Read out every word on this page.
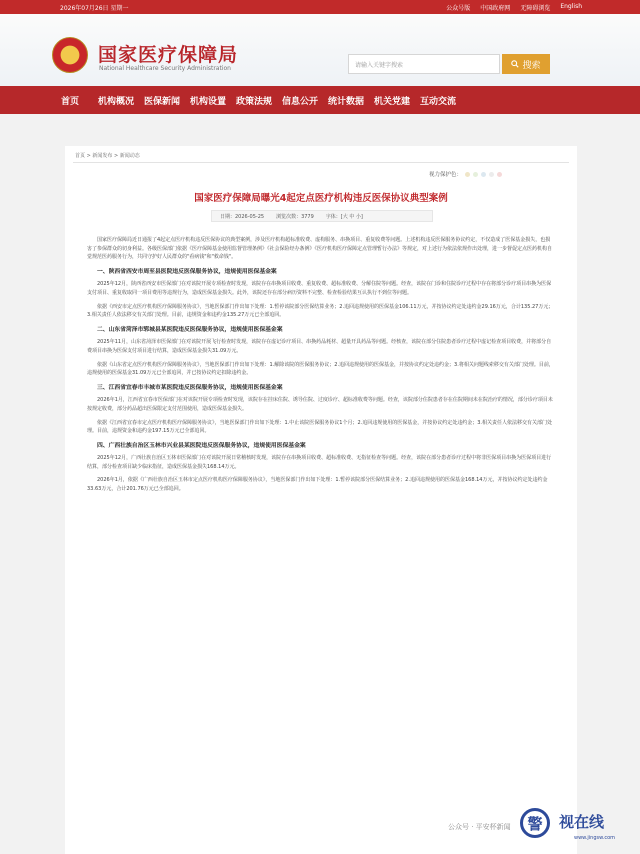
2026年07月26日 星期一	公众号版 中国政府网 无障碍浏览 English
国家医疗保障局
National Healthcare Security Administration	请输入关键字搜索	搜索
首页	机构概况 医保新闻 机构设置 政策法规 信息公开 统计数据 机关党建 互动交流
首页 > 新闻发布 > 新闻动态
视力保护色：
国家医疗保障局曝光4起定点医疗机构违反医保协议典型案例
日期：2026-05-25 浏览次数：3779 字体：[大 中 小]

国家医疗保障局近日通报了4起定点医疗机构违反医保协议的典型案例，涉及医疗机构超标准收费、虚构服务、串换项目、重复收费等问题。上述机构违反医保服务协议约定，不仅造成了医保基金损失，也损害了参保群众的切身利益。各级医保部门依据《医疗保障基金使用监督管理条例》《社会保险经办条例》《医疗机构医疗保障定点管理暂行办法》等规定，对上述行为依法依规作出处理，进一步督促定点医药机构自觉规范医药服务行为，共同守护好人民群众的"看病钱"和"救命钱"。

一、陕西省西安市周至县医院违反医保服务协议，违规使用医保基金案

2025年12月，陕西省西安市医保部门在对该院开展专项检查时发现，该院存在串换项目收费、重复收费、超标准收费、分解住院等问题。经查，该院在门诊和住院诊疗过程中存在将部分诊疗项目串换为医保支付项目、重复收取同一项目费用等违规行为，造成医保基金损失。此外，该院还存在部分病历资料不完整、检查检验结果互认执行不到位等问题。

依据《西安市定点医疗机构医疗保障服务协议》，当地医保部门作出如下处理：1.暂停该院部分医保结算业务；2.追回违规使用的医保基金106.11万元，并按协议约定处违约金29.16万元，合计135.27万元；3.相关责任人依法移交有关部门处理。目前，违规资金和违约金135.27万元已全部追回。

二、山东省菏泽市郓城县某医院违反医保服务协议，违规使用医保基金案

2025年11月，山东省菏泽市医保部门在对该院开展飞行检查时发现，该院存在虚记诊疗项目、串换药品耗材、超量开具药品等问题。经核查，该院在部分住院患者诊疗过程中虚记检查项目收费，并将部分自费项目串换为医保支付项目进行结算，造成医保基金损失31.09万元。

依据《山东省定点医疗机构医疗保障服务协议》，当地医保部门作出如下处理：1.解除该院的医保服务协议；2.追回违规使用的医保基金，并按协议约定处违约金；3.将相关问题线索移交有关部门处理。目前，违规使用的医保基金31.09万元已全部追回，并已按协议约定扣除违约金。

三、江西省宜春市丰城市某医院违反医保服务协议，违规使用医保基金案

2026年1月，江西省宜春市医保部门在对该院开展专项检查时发现，该院存在挂床住院、诱导住院、过度诊疗、超标准收费等问题。经查，该院部分住院患者存在住院期间未在院治疗的情况，部分诊疗项目未按规定收费，部分药品超出医保限定支付范围使用，造成医保基金损失。

依据《江西省宜春市定点医疗机构医疗保障服务协议》，当地医保部门作出如下处理：1.中止该院医保服务协议1个月；2.追回违规使用的医保基金，并按协议约定处违约金；3.相关责任人依法移交有关部门处理。目前，违规资金和违约金197.15万元已全部追回。

四、广西壮族自治区玉林市兴业县某医院违反医保服务协议，违规使用医保基金案

2025年12月，广西壮族自治区玉林市医保部门在对该院开展日常稽核时发现，该院存在串换项目收费、超标准收费、无指征检查等问题。经查，该院在部分患者诊疗过程中将非医保项目串换为医保项目进行结算，部分检查项目缺少临床指征，造成医保基金损失168.14万元。

2026年1月，依据《广西壮族自治区玉林市定点医疗机构医疗保障服务协议》，当地医保部门作出如下处理：1.暂停该院部分医保结算业务；2.追回违规使用的医保基金168.14万元，并按协议约定处违约金33.63万元，合计201.76万元已全部追回。

公众号 · 平安杯新闻	警	视在线
www.jingsw.com
